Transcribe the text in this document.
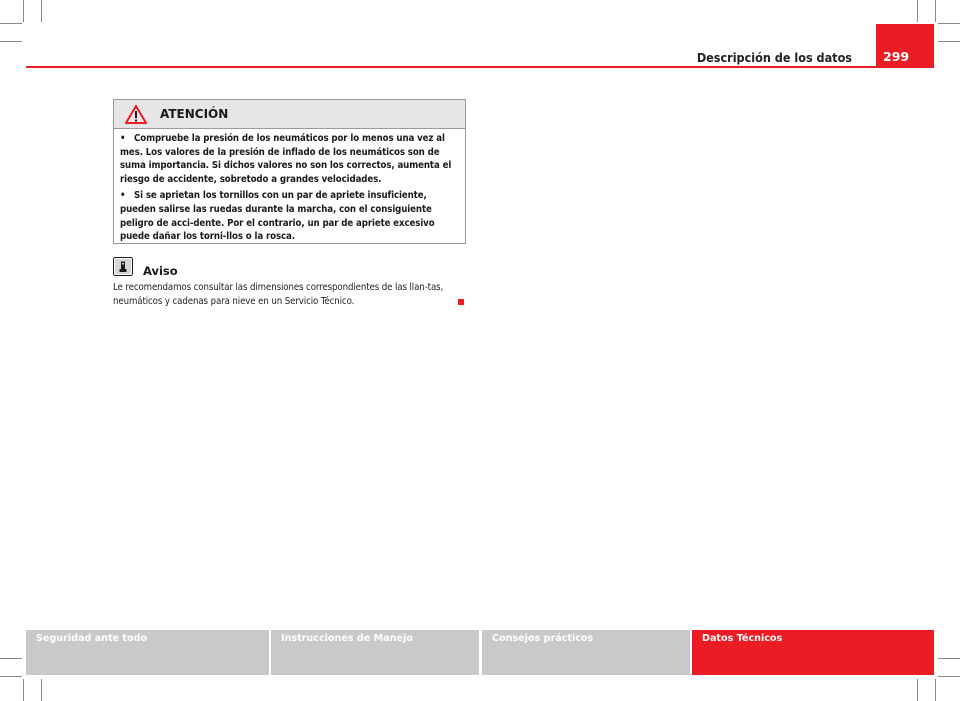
Descripción de los datos	299
ATENCIÓN
• Compruebe la presión de los neumáticos por lo menos una vez al mes. Los valores de la presión de inflado de los neumáticos son de suma importancia. Si dichos valores no son los correctos, aumenta el riesgo de accidente, sobretodo a grandes velocidades.
• Si se aprietan los tornillos con un par de apriete insuficiente, pueden salirse las ruedas durante la marcha, con el consiguiente peligro de acci-dente. Por el contrario, un par de apriete excesivo puede dañar los torni-llos o la rosca.
Aviso
Le recomendamos consultar las dimensiones correspondientes de las llan-tas, neumáticos y cadenas para nieve en un Servicio Técnico.
Seguridad ante todo	Instrucciones de Manejo	Consejos prácticos	Datos Técnicos
